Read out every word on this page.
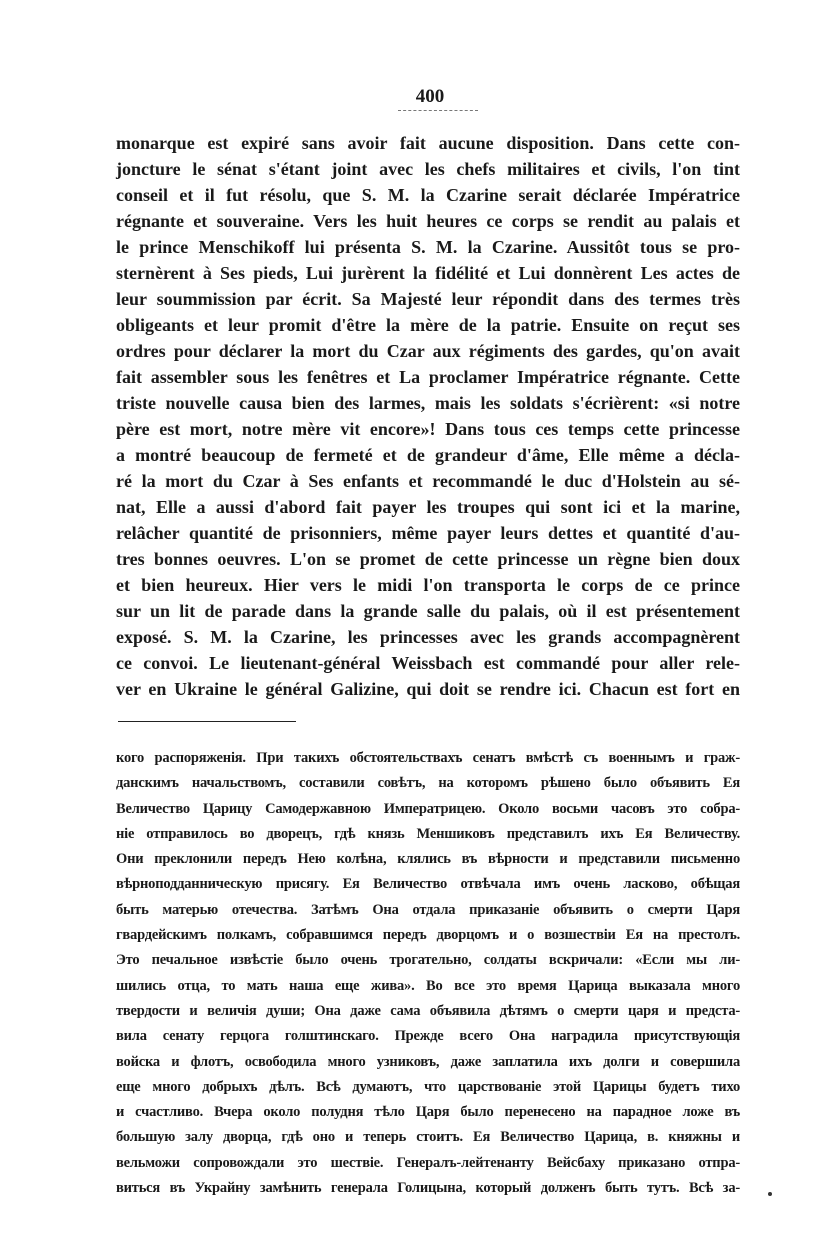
400
monarque est expiré sans avoir fait aucune disposition. Dans cette con-
joncture le sénat s'étant joint avec les chefs militaires et civils, l'on tint
conseil et il fut résolu, que S. M. la Czarine serait déclarée Impératrice
régnante et souveraine. Vers les huit heures ce corps se rendit au palais et
le prince Menschikoff lui présenta S. M. la Czarine. Aussitôt tous se pro-
sternèrent à Ses pieds, Lui jurèrent la fidélité et Lui donnèrent Les actes de
leur soummission par écrit. Sa Majesté leur répondit dans des termes très
obligeants et leur promit d'être la mère de la patrie. Ensuite on reçut ses
ordres pour déclarer la mort du Czar aux régiments des gardes, qu'on avait
fait assembler sous les fenêtres et La proclamer Impératrice régnante. Cette
triste nouvelle causa bien des larmes, mais les soldats s'écrièrent: «si notre
père est mort, notre mère vit encore»! Dans tous ces temps cette princesse
a montré beaucoup de fermeté et de grandeur d'âme, Elle même a décla-
ré la mort du Czar à Ses enfants et recommandé le duc d'Holstein au sé-
nat, Elle a aussi d'abord fait payer les troupes qui sont ici et la marine,
relâcher quantité de prisonniers, même payer leurs dettes et quantité d'au-
tres bonnes oeuvres. L'on se promet de cette princesse un règne bien doux
et bien heureux. Hier vers le midi l'on transporta le corps de ce prince
sur un lit de parade dans la grande salle du palais, où il est présentement
exposé. S. M. la Czarine, les princesses avec les grands accompagnèrent
ce convoi. Le lieutenant-général Weissbach est commandé pour aller rele-
ver en Ukraine le général Galizine, qui doit se rendre ici. Chacun est fort en
кого распоряженія. При такихъ обстоятельствахъ сенатъ вмѣстѣ съ военнымъ и граж-
данскимъ начальствомъ, составили совѣтъ, на которомъ рѣшено было объявить Ея
Величество Царицу Самодержавною Императрицею. Около восьми часовъ это собра-
ніе отправилось во дворецъ, гдѣ князь Меншиковъ представилъ ихъ Ея Величеству.
Они преклонили передъ Нею колѣна, клялись въ вѣрности и представили письменно
вѣрноподданническую присягу. Ея Величество отвѣчала имъ очень ласково, обѣщая
быть матерью отечества. Затѣмъ Она отдала приказаніе объявить о смерти Царя
гвардейскимъ полкамъ, собравшимся передъ дворцомъ и о возшествіи Ея на престолъ.
Это печальное извѣстіе было очень трогательно, солдаты вскричали: «Если мы ли-
шились отца, то мать наша еще жива». Во все это время Царица выказала много
твердости и величія души; Она даже сама объявила дѣтямъ о смерти царя и предста-
вила сенату герцога голштинскаго. Прежде всего Она наградила присутствующія
войска и флотъ, освободила много узниковъ, даже заплатила ихъ долги и совершила
еще много добрыхъ дѣлъ. Всѣ думаютъ, что царствованіе этой Царицы будетъ тихо
и счастливо. Вчера около полудня тѣло Царя было перенесено на парадное ложе въ
большую залу дворца, гдѣ оно и теперь стоитъ. Ея Величество Царица, в. княжны и
вельможи сопровождали это шествіе. Генералъ-лейтенанту Вейсбаху приказано отпра-
виться въ Украйну замѣнить генерала Голицына, который долженъ быть тутъ. Всѣ за-
